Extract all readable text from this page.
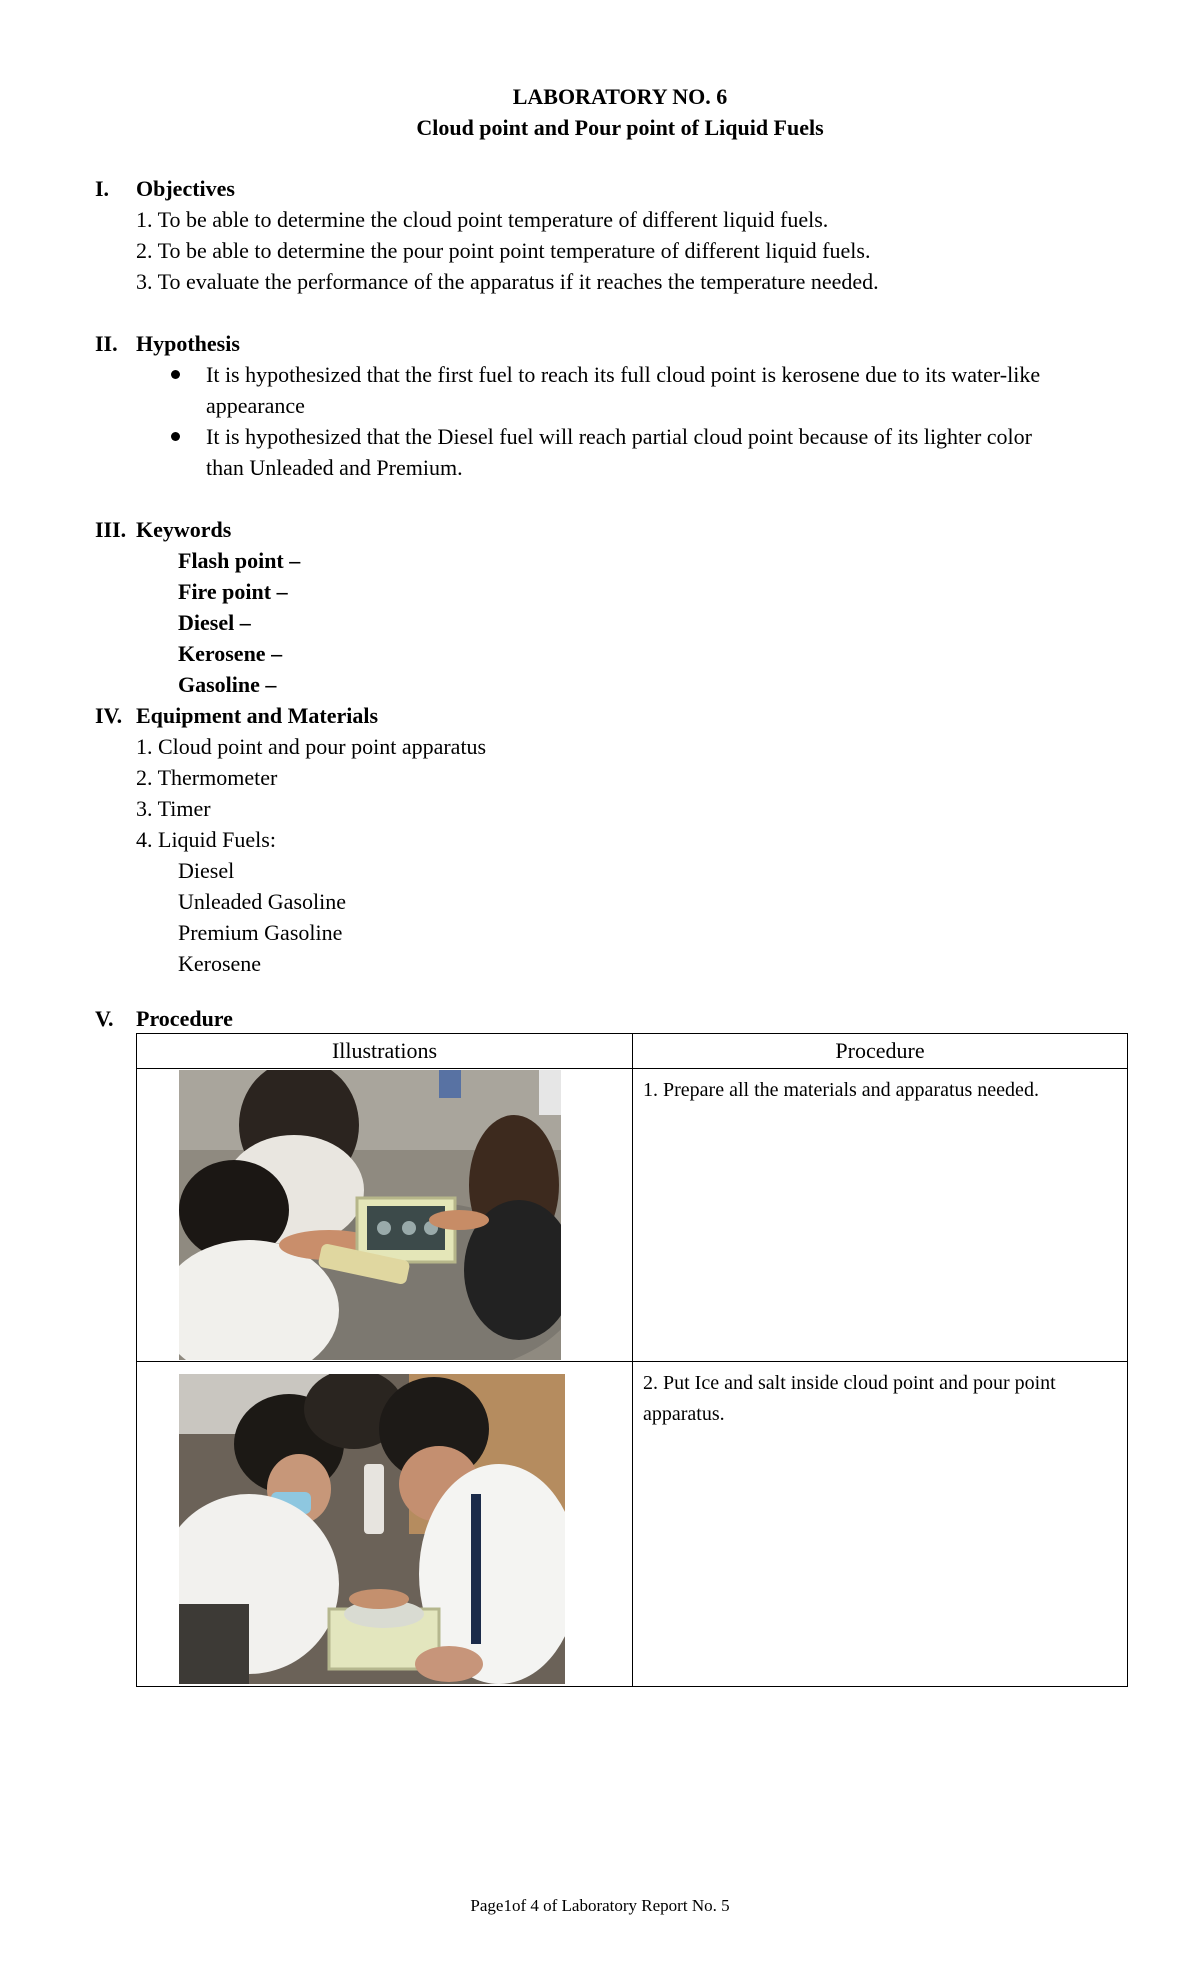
LABORATORY NO. 6
Cloud point and Pour point of Liquid Fuels
I. Objectives
1. To be able to determine the cloud point temperature of different liquid fuels.
2. To be able to determine the pour point point temperature of different liquid fuels.
3. To evaluate the performance of the apparatus if it reaches the temperature needed.
II. Hypothesis
It is hypothesized that the first fuel to reach its full cloud point is kerosene due to its water-like
appearance
It is hypothesized that the Diesel fuel will reach partial cloud point because of its lighter color
than Unleaded and Premium.
III. Keywords
Flash point –
Fire point –
Diesel –
Kerosene –
Gasoline –
IV. Equipment and Materials
1. Cloud point and pour point apparatus
2. Thermometer
3. Timer
4. Liquid Fuels:
Diesel
Unleaded Gasoline
Premium Gasoline
Kerosene
V. Procedure
Illustrations	Procedure

1. Prepare all the materials and apparatus needed.

2. Put Ice and salt inside cloud point and pour point apparatus.
Page1of 4 of Laboratory Report No. 5
